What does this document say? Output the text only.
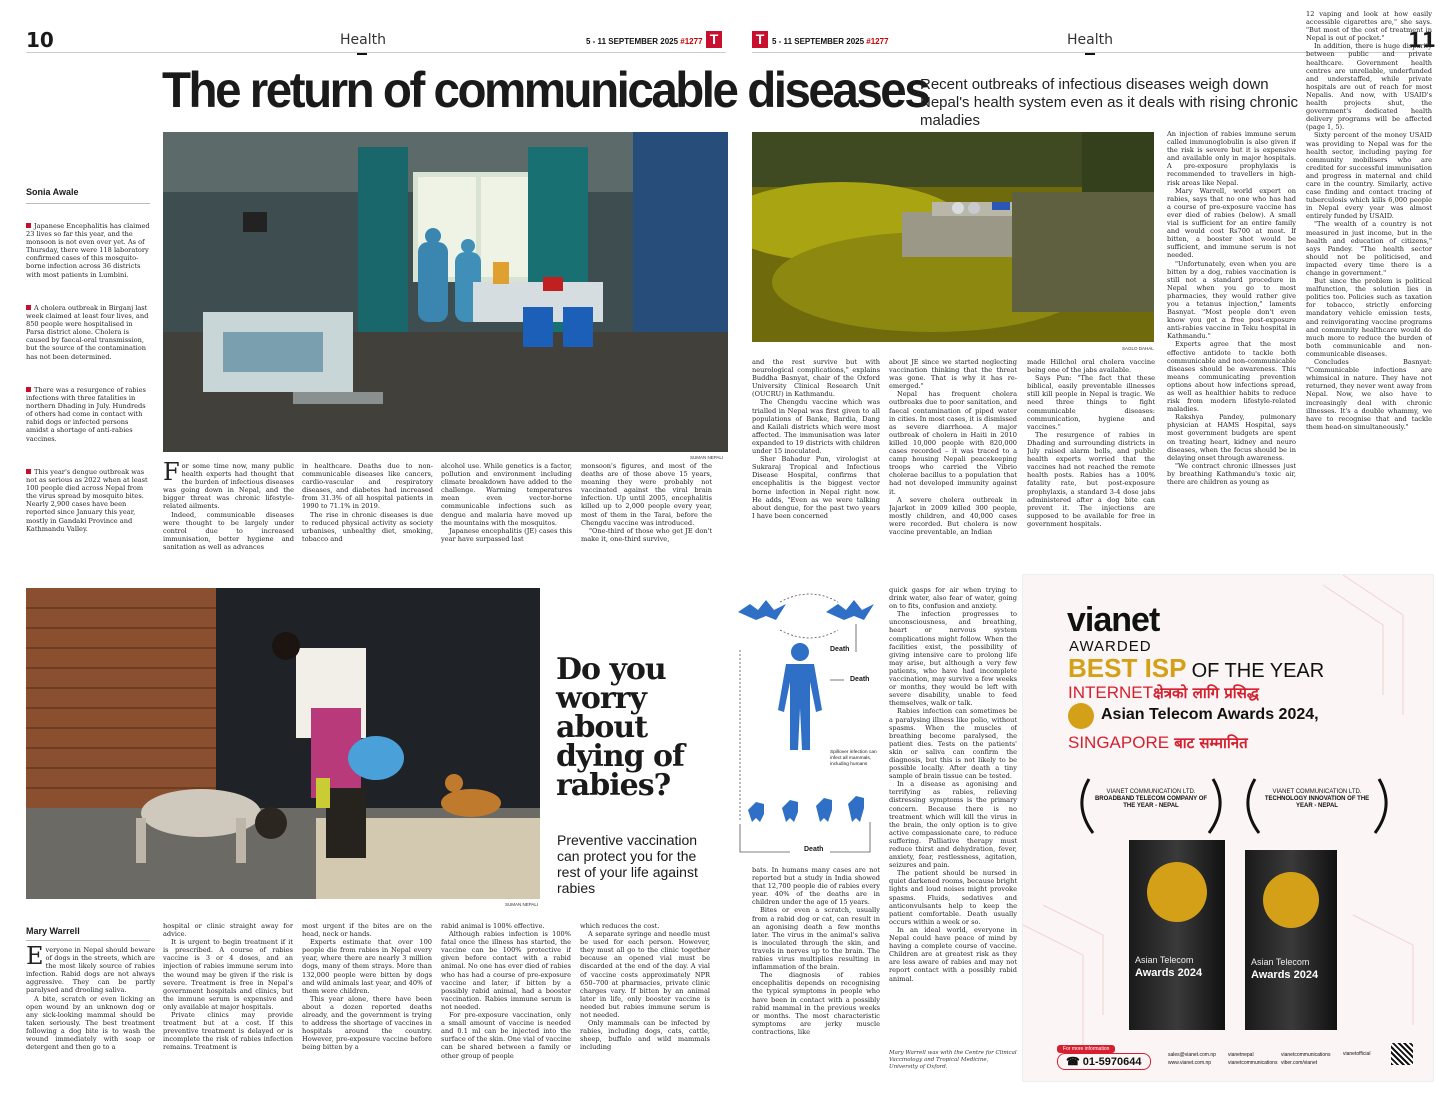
10	Health	5 - 11 SEPTEMBER 2025 #1277 T	T 5 - 11 SEPTEMBER 2025 #1277	Health	11
The return of communicable diseases
Recent outbreaks of infectious diseases weigh down Nepal's health system even as it deals with rising chronic maladies
SUMAN NEPALI
Sonia Awale
Japanese Encephalitis has claimed 23 lives so far this year, and the monsoon is not even over yet. As of Thursday, there were 118 laboratory confirmed cases of this mosquito-borne infection across 36 districts with most patients in Lumbini.
A cholera outbreak in Birganj last week claimed at least four lives, and 850 people were hospitalised in Parsa district alone. Cholera is caused by faecal-oral transmission, but the source of the contamination has not been determined.
There was a resurgence of rabies infections with three fatalities in northern Dhading in July. Hundreds of others had come in contact with rabid dogs or infected persons amidst a shortage of anti-rabies vaccines.
This year's dengue outbreak was not as serious as 2022 when at least 100 people died across Nepal from the virus spread by mosquito bites. Nearly 2,900 cases have been reported since January this year, mostly in Gandaki Province and Kathmandu Valley.

For some time now, many public health experts had thought that the burden of infectious diseases was going down in Nepal, and the bigger threat was chronic lifestyle-related ailments.

Indeed, communicable diseases were thought to be largely under control due to increased immunisation, better hygiene and sanitation as well as advances

in healthcare. Deaths due to non-communicable diseases like cancers, cardio-vascular and respiratory diseases, and diabetes had increased from 31.3% of all hospital patients in 1990 to 71.1% in 2019.

The rise in chronic diseases is due to reduced physical activity as society urbanises, unhealthy diet, smoking, tobacco and

alcohol use. While genetics is a factor, pollution and environment including climate breakdown have added to the challenge. Warming temperatures mean even vector-borne communicable infections such as dengue and malaria have moved up the mountains with the mosquitos.

Japanese encephalitis (JE) cases this year have surpassed last

monsoon's figures, and most of the deaths are of those above 15 years, meaning they were probably not vaccinated against the viral brain infection. Up until 2005, encephalitis killed up to 2,000 people every year, most of them in the Tarai, before the Chengdu vaccine was introduced.

"One-third of those who get JE don't make it, one-third survive,

SAGLO DAHAL

and the rest survive but with neurological complications," explains Buddha Basnyat, chair of the Oxford University Clinical Research Unit (OUCRU) in Kathmandu.

The Chengdu vaccine which was trialled in Nepal was first given to all populations of Banke, Bardia, Dang and Kailali districts which were most affected. The immunisation was later expanded to 19 districts with children under 15 inoculated.

Sher Bahadur Pun, virologist at Sukraraj Tropical and Infectious Disease Hospital, confirms that encephalitis is the biggest vector borne infection in Nepal right now. He adds, "Even as we were talking about dengue, for the past two years I have been concerned

about JE since we started neglecting vaccination thinking that the threat was gone. That is why it has re-emerged."

Nepal has frequent cholera outbreaks due to poor sanitation, and faecal contamination of piped water in cities. In most cases, it is dismissed as severe diarrhoea. A major outbreak of cholera in Haiti in 2010 killed 10,000 people with 820,000 cases recorded – it was traced to a camp housing Nepali peacekeeping troops who carried the Vibrio cholerae bacillus to a population that had not developed immunity against it.

A severe cholera outbreak in Jajarkot in 2009 killed 300 people, mostly children, and 40,000 cases were recorded. But cholera is now vaccine preventable, an Indian

made Hillchol oral cholera vaccine being one of the jabs available.

Says Pun: "The fact that these biblical, easily preventable illnesses still kill people in Nepal is tragic. We need three things to fight communicable diseases: communication, hygiene and vaccines."

The resurgence of rabies in Dhading and surrounding districts in July raised alarm bells, and public health experts worried that the vaccines had not reached the remote health posts. Rabies has a 100% fatality rate, but post-exposure prophylaxis, a standard 3-4 dose jabs administered after a dog bite can prevent it. The injections are supposed to be available for free in government hospitals.

An injection of rabies immune serum called immunoglobulin is also given if the risk is severe but it is expensive and available only in major hospitals. A pre-exposure prophylaxis is recommended to travellers in high-risk areas like Nepal.

Mary Warrell, world expert on rabies, says that no one who has had a course of pre-exposure vaccine has ever died of rabies (below). A small vial is sufficient for an entire family and would cost Rs700 at most. If bitten, a booster shot would be sufficient, and immune serum is not needed.

"Unfortunately, even when you are bitten by a dog, rabies vaccination is still not a standard procedure in Nepal when you go to most pharmacies, they would rather give you a tetanus injection," laments Basnyat. "Most people don't even know you get a free post-exposure anti-rabies vaccine in Teku hospital in Kathmandu."

Experts agree that the most effective antidote to tackle both communicable and non-communicable diseases should be awareness. This means communicating prevention options about how infections spread, as well as healthier habits to reduce risk from modern lifestyle-related maladies.

Rakshya Pandey, pulmonary physician at HAMS Hospital, says most government budgets are spent on treating heart, kidney and neuro diseases, when the focus should be in delaying onset through awareness.

"We contract chronic illnesses just by breathing Kathmandu's toxic air, there are children as young as

12 vaping and look at how easily accessible cigarettes are," she says. "But most of the cost of treatment in Nepal is out of pocket."

In addition, there is huge disparity between public and private healthcare. Government health centres are unreliable, underfunded and understaffed, while private hospitals are out of reach for most Nepalis. And now, with USAID's health projects shut, the government's dedicated health delivery programs will be affected (page 1, 5).

Sixty percent of the money USAID was providing to Nepal was for the health sector, including paying for community mobilisers who are credited for successful immunisation and progress in maternal and child care in the country. Similarly, active case finding and contact tracing of tuberculosis which kills 6,000 people in Nepal every year was almost entirely funded by USAID.

"The wealth of a country is not measured in just income, but in the health and education of citizens," says Pandey. "The health sector should not be politicised, and impacted every time there is a change in government."

But since the problem is political malfunction, the solution lies in politics too. Policies such as taxation for tobacco, strictly enforcing mandatory vehicle emission tests, and reinvigorating vaccine programs and community healthcare would do much more to reduce the burden of both communicable and non-communicable diseases.

Concludes Basnyat: "Communicable infections are whimsical in nature. They have not returned, they never went away from Nepal. Now, we also have to increasingly deal with chronic illnesses. It's a double whammy, we have to recognise that and tackle them head-on simultaneously."

SUMAN NEPALI
Do you worry about dying of rabies?
Preventive vaccination can protect you for the rest of your life against rabies
Mary Warrell

Everyone in Nepal should beware of dogs in the streets, which are the most likely source of rabies infection. Rabid dogs are not always aggressive. They can be partly paralysed and drooling saliva.

A bite, scratch or even licking an open wound by an unknown dog or any sick-looking mammal should be taken seriously. The best treatment following a dog bite is to wash the wound immediately with soap or detergent and then go to a

hospital or clinic straight away for advice.

It is urgent to begin treatment if it is prescribed. A course of rabies vaccine is 3 or 4 doses, and an injection of rabies immune serum into the wound may be given if the risk is severe. Treatment is free in Nepal's government hospitals and clinics, but the immune serum is expensive and only available at major hospitals.

Private clinics may provide treatment but at a cost. If this preventive treatment is delayed or is incomplete the risk of rabies infection remains. Treatment is

most urgent if the bites are on the head, neck or hands.

Experts estimate that over 100 people die from rabies in Nepal every year, where there are nearly 3 million dogs, many of them strays. More than 132,000 people were bitten by dogs and wild animals last year, and 40% of them were children.

This year alone, there have been about a dozen reported deaths already, and the government is trying to address the shortage of vaccines in hospitals around the country. However, pre-exposure vaccine before being bitten by a

rabid animal is 100% effective.

Although rabies infection is 100% fatal once the illness has started, the vaccine can be 100% protective if given before contact with a rabid animal. No one has ever died of rabies who has had a course of pre-exposure vaccine and later, if bitten by a possibly rabid animal, had a booster vaccination. Rabies immune serum is not needed.

For pre-exposure vaccination, only a small amount of vaccine is needed and 0.1 ml can be injected into the surface of the skin. One vial of vaccine can be shared between a family or other group of people

which reduces the cost.

A separate syringe and needle must be used for each person. However, they must all go to the clinic together because an opened vial must be discarded at the end of the day. A vial of vaccine costs approximately NPR 650–700 at pharmacies, private clinic charges vary. If bitten by an animal later in life, only booster vaccine is needed but rabies immune serum is not needed.

Only mammals can be infected by rabies, including dogs, cats, cattle, sheep, buffalo and wild mammals including

bats. In humans many cases are not reported but a study in India showed that 12,700 people die of rabies every year. 40% of the deaths are in children under the age of 15 years.

Bites or even a scratch, usually from a rabid dog or cat, can result in an agonising death a few months later. The virus in the animal's saliva is inoculated through the skin, and travels in nerves up to the brain. The rabies virus multiplies resulting in inflammation of the brain.

The diagnosis of rabies encephalitis depends on recognising the typical symptoms in people who have been in contact with a possibly rabid mammal in the previous weeks or months. The most characteristic symptoms are jerky muscle contractions, like

quick gasps for air when trying to drink water, also fear of water, going on to fits, confusion and anxiety.

The infection progresses to unconsciousness, and breathing, heart or nervous system complications might follow. When the facilities exist, the possibility of giving intensive care to prolong life may arise, but although a very few patients, who have had incomplete vaccination, may survive a few weeks or months, they would be left with severe disability, unable to feed themselves, walk or talk.

Rabies infection can sometimes be a paralysing illness like polio, without spasms. When the muscles of breathing become paralysed, the patient dies. Tests on the patients' skin or saliva can confirm the diagnosis, but this is not likely to be possible locally. After death a tiny sample of brain tissue can be tested.

In a disease as agonising and terrifying as rabies, relieving distressing symptoms is the primary concern. Because there is no treatment which will kill the virus in the brain, the only option is to give active compassionate care, to reduce suffering. Palliative therapy must reduce thirst and dehydration, fever, anxiety, fear, restlessness, agitation, seizures and pain.

The patient should be nursed in quiet darkened rooms, because bright lights and loud noises might provoke spasms. Fluids, sedatives and anticonvulsants help to keep the patient comfortable. Death usually occurs within a week or so.

In an ideal world, everyone in Nepal could have peace of mind by having a complete course of vaccine. Children are at greatest risk as they are less aware of rabies and may not report contact with a possibly rabid animal.

Mary Warrell was with the Centre for Clinical Vaccinology and Tropical Medicine, University of Oxford.
Death
Death
Death
Spillover infection can infect all mammals, including humans
vianet
AWARDED
BEST ISP OF THE YEAR
INTERNETक्षेत्रको लागि प्रसिद्ध
Asian Telecom Awards 2024,
SINGAPORE बाट सम्मानित
VIANET COMMUNICATION LTD.
BROADBAND TELECOM COMPANY OF THE YEAR - NEPAL
VIANET COMMUNICATION LTD.
TECHNOLOGY INNOVATION OF THE YEAR - NEPAL
Asian Telecom
Awards 2024
Asian Telecom
Awards 2024
For more information
☎ 01-5970644
sales@vianet.com.np
www.vianet.com.np
vianetnepal
vianetcommunications
vianetcommunications
viber.com/vianet
vianetofficial
